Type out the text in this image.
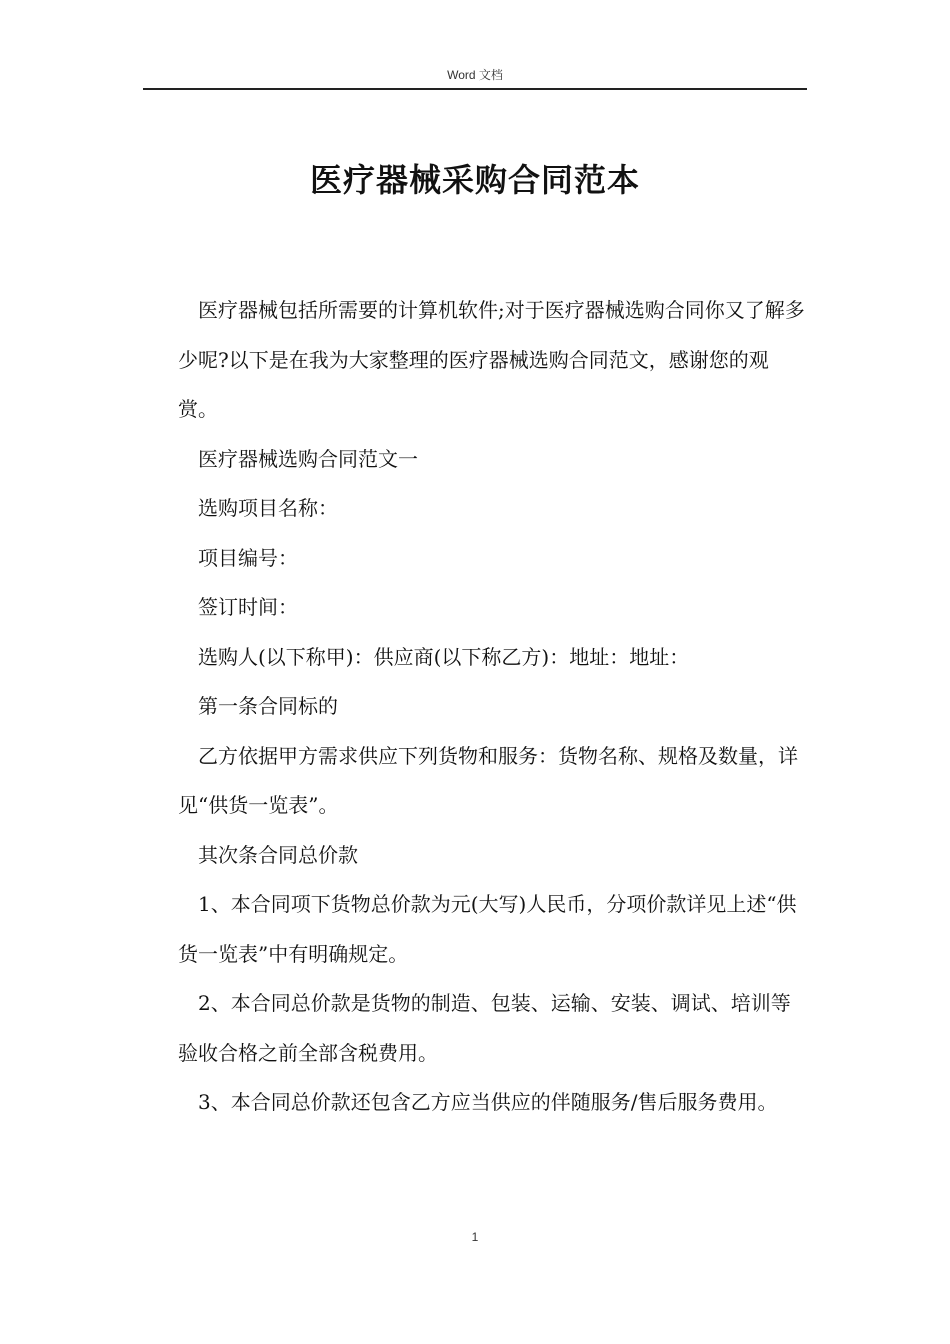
Word 文档
医疗器械采购合同范本

医疗器械包括所需要的计算机软件;对于医疗器械选购合同你又了解多少呢?以下是在我为大家整理的医疗器械选购合同范文，感谢您的观赏。

医疗器械选购合同范文一

选购项目名称：

项目编号：

签订时间：

选购人(以下称甲)：供应商(以下称乙方)：地址：地址：

第一条合同标的

乙方依据甲方需求供应下列货物和服务：货物名称、规格及数量，详见“供货一览表”。

其次条合同总价款

1、本合同项下货物总价款为元(大写)人民币，分项价款详见上述“供货一览表”中有明确规定。

2、本合同总价款是货物的制造、包装、运输、安装、调试、培训等验收合格之前全部含税费用。

3、本合同总价款还包含乙方应当供应的伴随服务/售后服务费用。

1
